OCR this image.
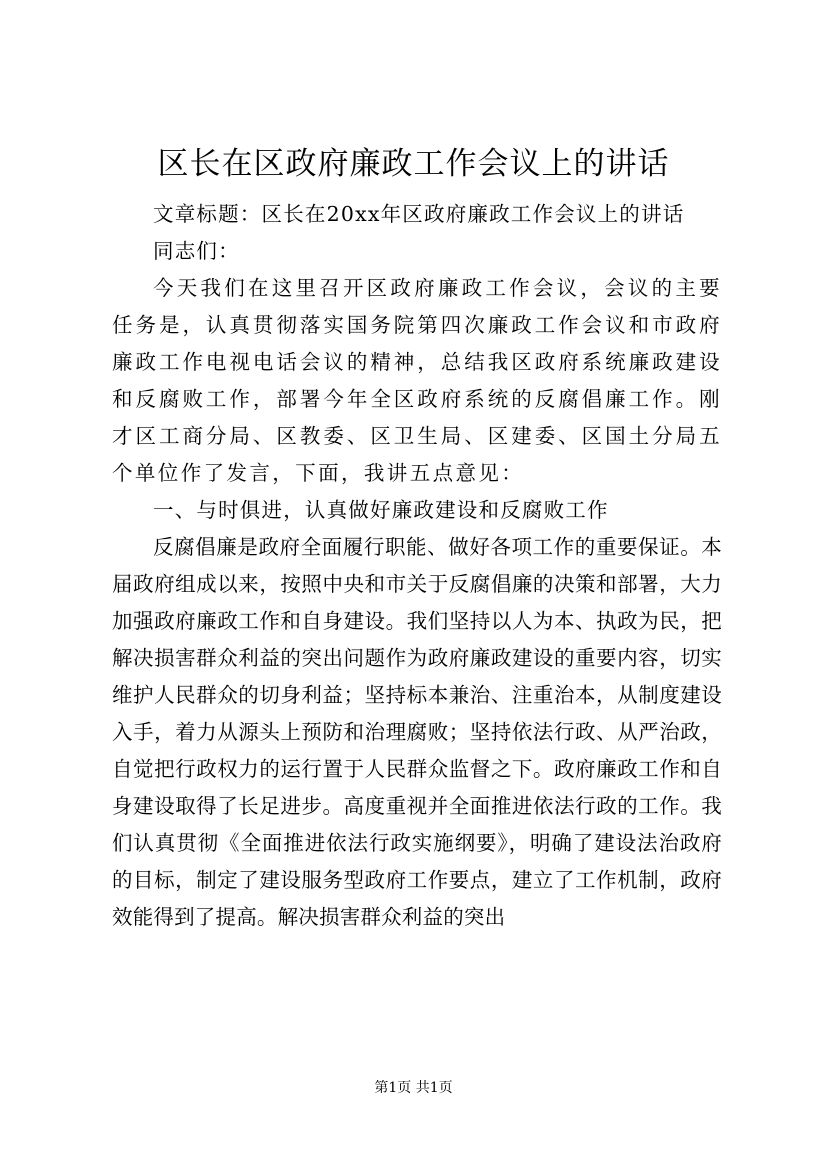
区长在区政府廉政工作会议上的讲话

文章标题：区长在20xx年区政府廉政工作会议上的讲话

同志们：

今天我们在这里召开区政府廉政工作会议，会议的主要任务是，认真贯彻落实国务院第四次廉政工作会议和市政府廉政工作电视电话会议的精神，总结我区政府系统廉政建设和反腐败工作，部署今年全区政府系统的反腐倡廉工作。刚才区工商分局、区教委、区卫生局、区建委、区国土分局五个单位作了发言，下面，我讲五点意见：

一、与时俱进，认真做好廉政建设和反腐败工作

反腐倡廉是政府全面履行职能、做好各项工作的重要保证。本届政府组成以来，按照中央和市关于反腐倡廉的决策和部署，大力加强政府廉政工作和自身建设。我们坚持以人为本、执政为民，把解决损害群众利益的突出问题作为政府廉政建设的重要内容，切实维护人民群众的切身利益；坚持标本兼治、注重治本，从制度建设入手，着力从源头上预防和治理腐败；坚持依法行政、从严治政，自觉把行政权力的运行置于人民群众监督之下。政府廉政工作和自身建设取得了长足进步。高度重视并全面推进依法行政的工作。我们认真贯彻《全面推进依法行政实施纲要》，明确了建设法治政府的目标，制定了建设服务型政府工作要点，建立了工作机制，政府效能得到了提高。解决损害群众利益的突出

第1页 共1页
